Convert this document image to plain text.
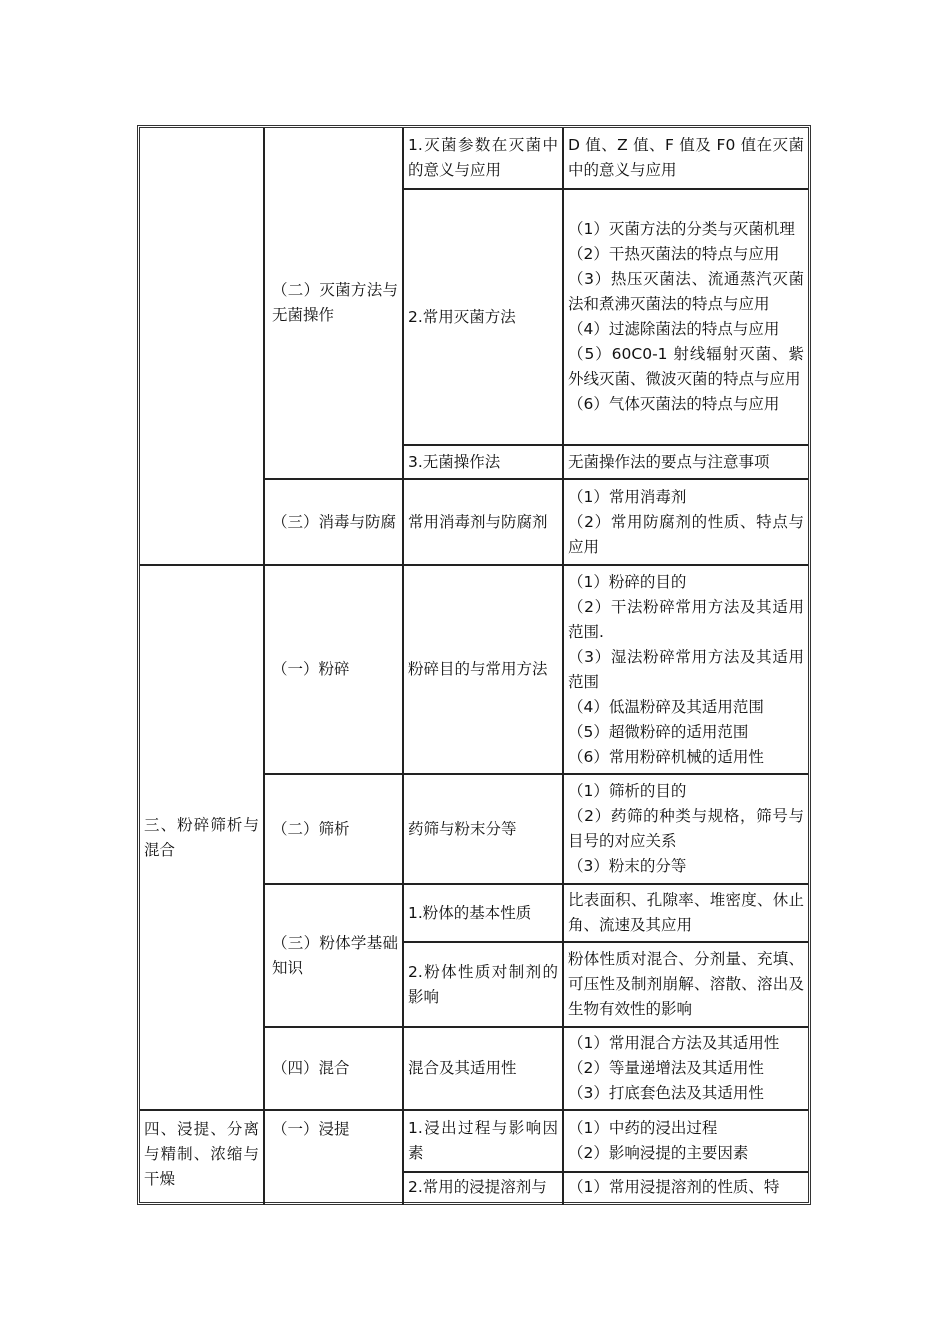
三、粉碎筛析与混合
四、浸提、分离与精制、浓缩与干燥
（二）灭菌方法与无菌操作
（三）消毒与防腐
（一）粉碎
（二）筛析
（三）粉体学基础知识
（四）混合
（一）浸提
1.灭菌参数在灭菌中的意义与应用
2.常用灭菌方法
3.无菌操作法
常用消毒剂与防腐剂
粉碎目的与常用方法
药筛与粉末分等
1.粉体的基本性质
2.粉体性质对制剂的影响
混合及其适用性
1.浸出过程与影响因素
2.常用的浸提溶剂与
D 值、Z 值、F 值及 F0 值在灭菌中的意义与应用
（1）灭菌方法的分类与灭菌机理
（2）干热灭菌法的特点与应用
（3）热压灭菌法、流通蒸汽灭菌法和煮沸灭菌法的特点与应用
（4）过滤除菌法的特点与应用
（5）60C0-1 射线辐射灭菌、紫外线灭菌、微波灭菌的特点与应用
（6）气体灭菌法的特点与应用
无菌操作法的要点与注意事项
（1）常用消毒剂
（2）常用防腐剂的性质、特点与应用
（1）粉碎的目的
（2）干法粉碎常用方法及其适用范围.
（3）湿法粉碎常用方法及其适用范围
（4）低温粉碎及其适用范围
（5）超微粉碎的适用范围
（6）常用粉碎机械的适用性
（1）筛析的目的
（2）药筛的种类与规格，筛号与目号的对应关系
（3）粉末的分等
比表面积、孔隙率、堆密度、休止角、流速及其应用
粉体性质对混合、分剂量、充填、可压性及制剂崩解、溶散、溶出及生物有效性的影响
（1）常用混合方法及其适用性
（2）等量递增法及其适用性
（3）打底套色法及其适用性
（1）中药的浸出过程
（2）影响浸提的主要因素
（1）常用浸提溶剂的性质、特
